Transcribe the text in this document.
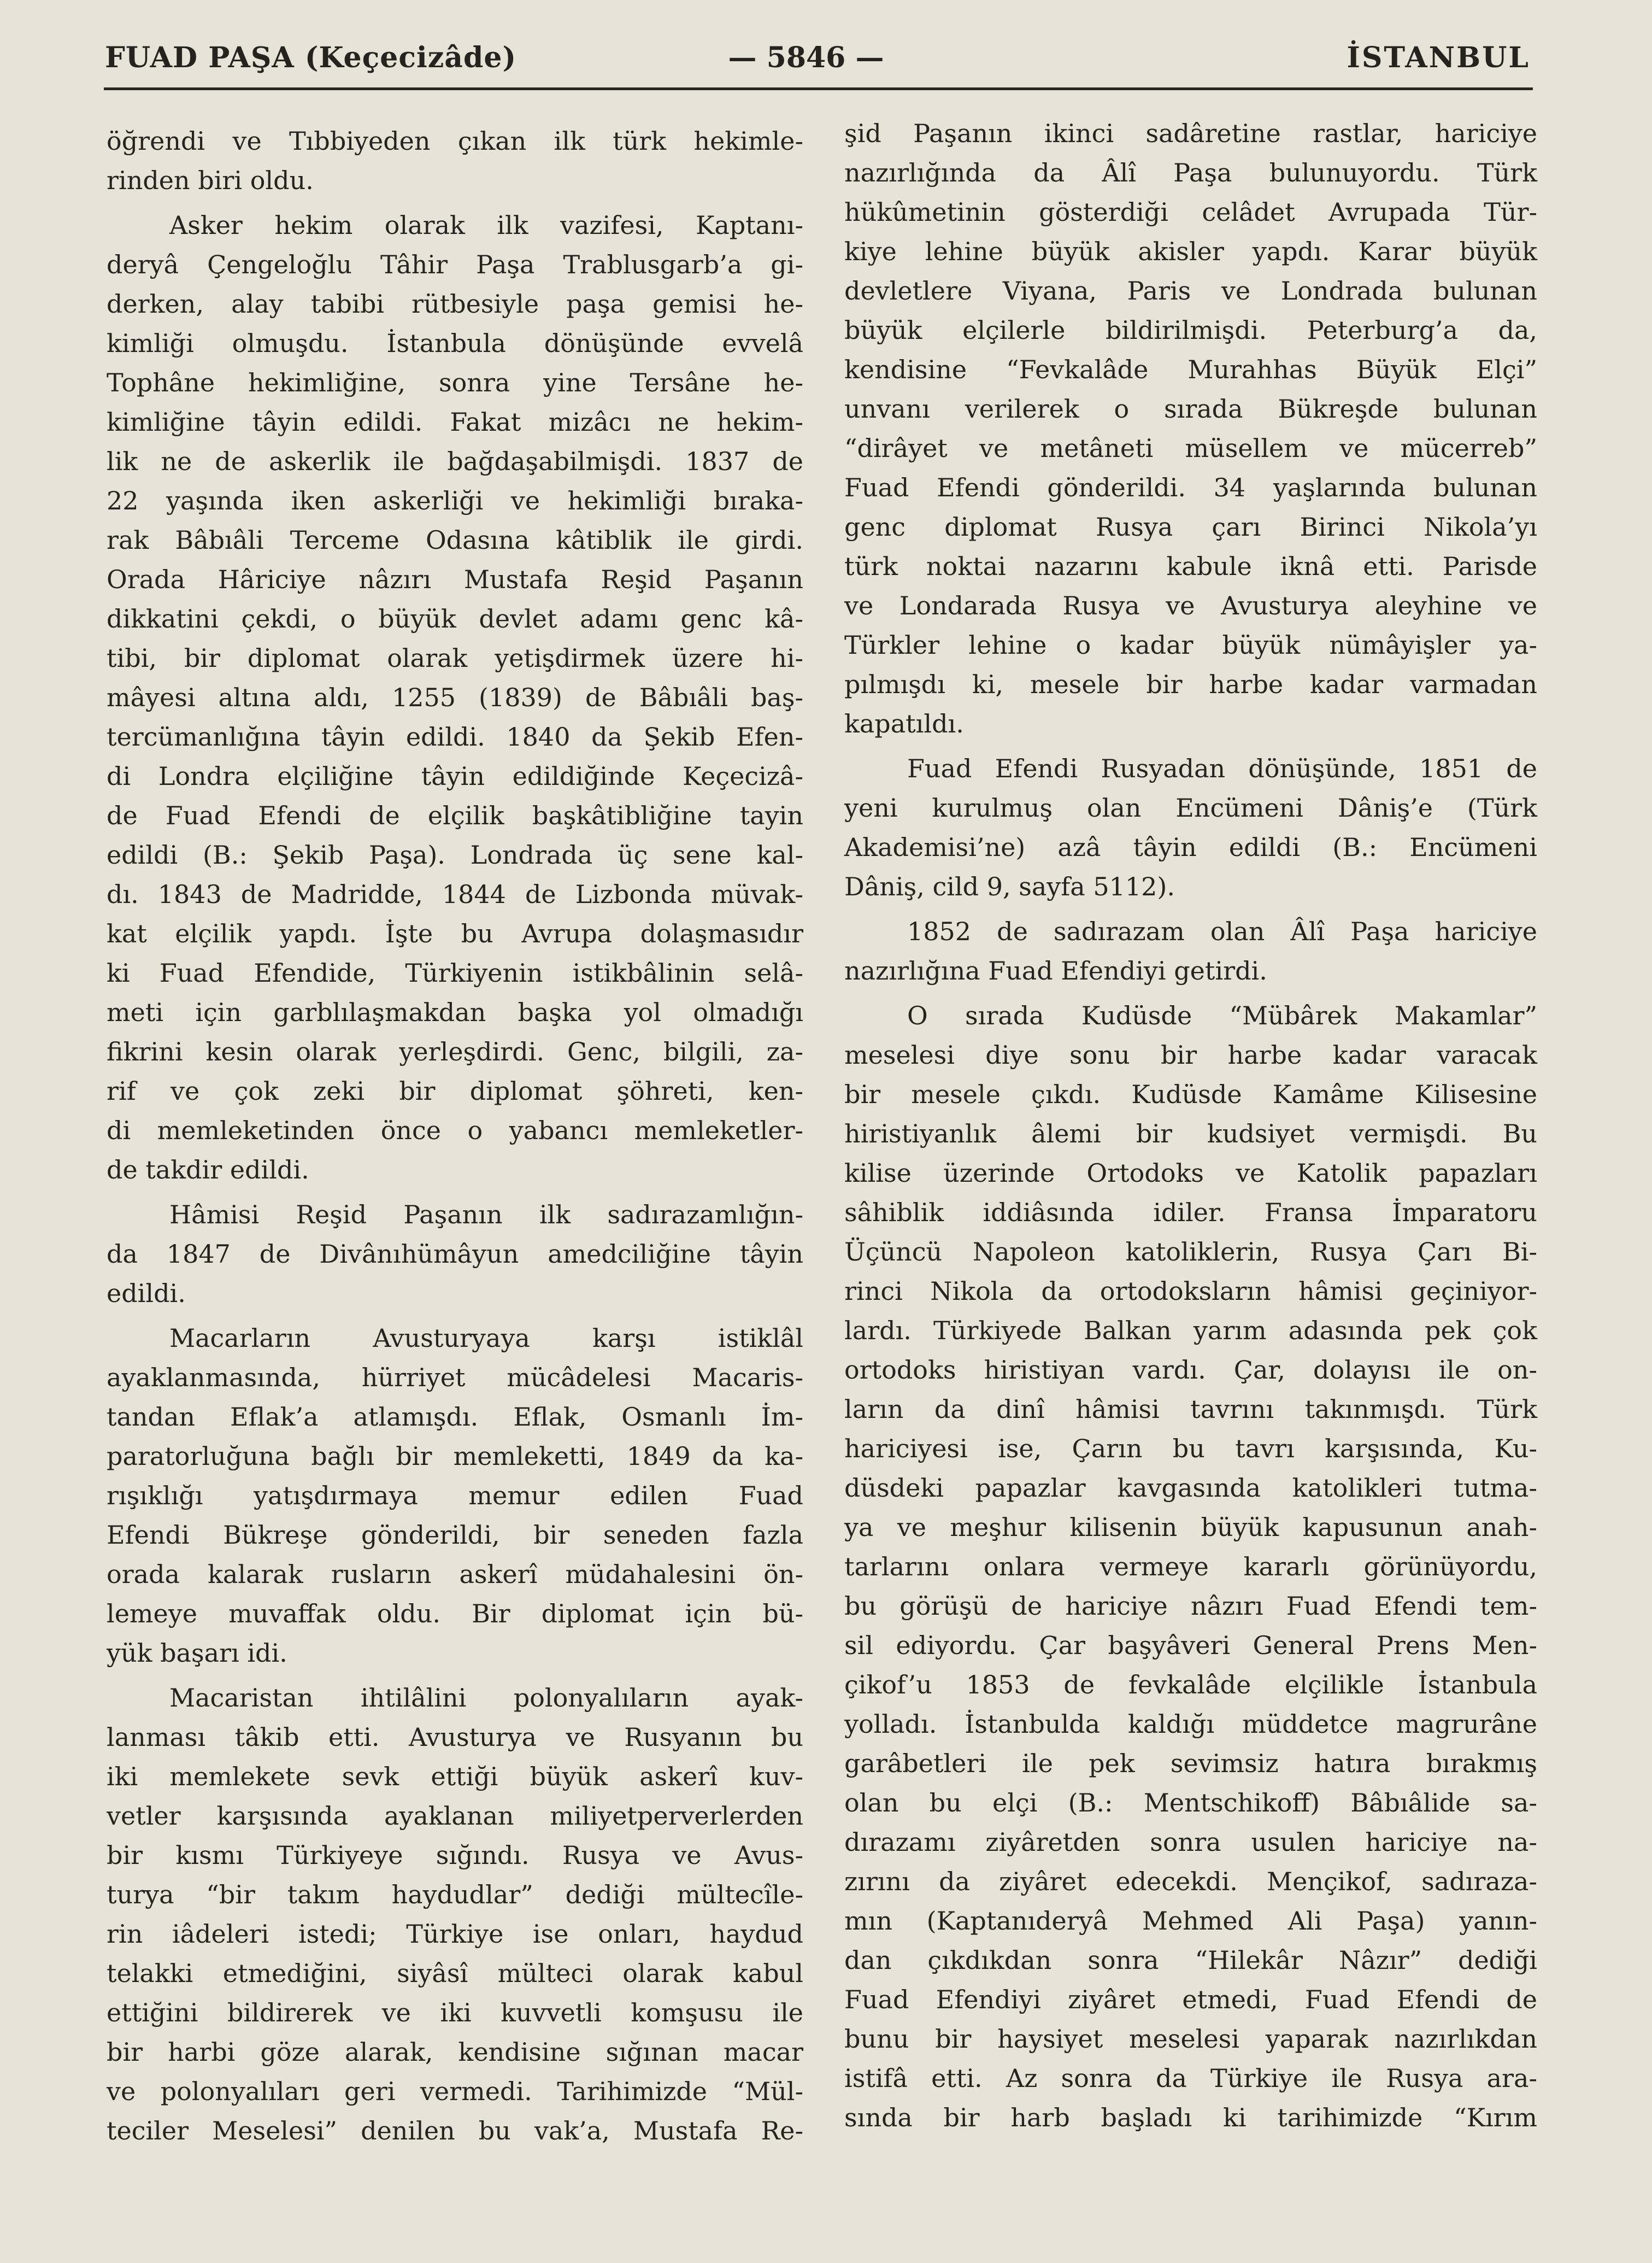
FUAD PAŞA (Keçecizâde)	— 5846 —	İSTANBUL
öğrendi ve Tıbbiyeden çıkan ilk türk hekimle-
rinden biri oldu.
Asker hekim olarak ilk vazifesi, Kaptanı-
deryâ Çengeloğlu Tâhir Paşa Trablusgarb’a gi-
derken, alay tabibi rütbesiyle paşa gemisi he-
kimliği olmuşdu. İstanbula dönüşünde evvelâ
Tophâne hekimliğine, sonra yine Tersâne he-
kimliğine tâyin edildi. Fakat mizâcı ne hekim-
lik ne de askerlik ile bağdaşabilmişdi. 1837 de
22 yaşında iken askerliği ve hekimliği bıraka-
rak Bâbıâli Terceme Odasına kâtiblik ile girdi.
Orada Hâriciye nâzırı Mustafa Reşid Paşanın
dikkatini çekdi, o büyük devlet adamı genc kâ-
tibi, bir diplomat olarak yetişdirmek üzere hi-
mâyesi altına aldı, 1255 (1839) de Bâbıâli baş-
tercümanlığına tâyin edildi. 1840 da Şekib Efen-
di Londra elçiliğine tâyin edildiğinde Keçecizâ-
de Fuad Efendi de elçilik başkâtibliğine tayin
edildi (B.: Şekib Paşa). Londrada üç sene kal-
dı. 1843 de Madridde, 1844 de Lizbonda müvak-
kat elçilik yapdı. İşte bu Avrupa dolaşmasıdır
ki Fuad Efendide, Türkiyenin istikbâlinin selâ-
meti için garblılaşmakdan başka yol olmadığı
fikrini kesin olarak yerleşdirdi. Genc, bilgili, za-
rif ve çok zeki bir diplomat şöhreti, ken-
di memleketinden önce o yabancı memleketler-
de takdir edildi.
Hâmisi Reşid Paşanın ilk sadırazamlığın-
da 1847 de Divânıhümâyun amedciliğine tâyin
edildi.
Macarların Avusturyaya karşı istiklâl
ayaklanmasında, hürriyet mücâdelesi Macaris-
tandan Eflak’a atlamışdı. Eflak, Osmanlı İm-
paratorluğuna bağlı bir memleketti, 1849 da ka-
rışıklığı yatışdırmaya memur edilen Fuad
Efendi Bükreşe gönderildi, bir seneden fazla
orada kalarak rusların askerî müdahalesini ön-
lemeye muvaffak oldu. Bir diplomat için bü-
yük başarı idi.
Macaristan ihtilâlini polonyalıların ayak-
lanması tâkib etti. Avusturya ve Rusyanın bu
iki memlekete sevk ettiği büyük askerî kuv-
vetler karşısında ayaklanan miliyetperverlerden
bir kısmı Türkiyeye sığındı. Rusya ve Avus-
turya “bir takım haydudlar” dediği mültecîle-
rin iâdeleri istedi; Türkiye ise onları, haydud
telakki etmediğini, siyâsî mülteci olarak kabul
ettiğini bildirerek ve iki kuvvetli komşusu ile
bir harbi göze alarak, kendisine sığınan macar
ve polonyalıları geri vermedi. Tarihimizde “Mül-
teciler Meselesi” denilen bu vak’a, Mustafa Re-
şid Paşanın ikinci sadâretine rastlar, hariciye
nazırlığında da Âlî Paşa bulunuyordu. Türk
hükûmetinin gösterdiği celâdet Avrupada Tür-
kiye lehine büyük akisler yapdı. Karar büyük
devletlere Viyana, Paris ve Londrada bulunan
büyük elçilerle bildirilmişdi. Peterburg’a da,
kendisine “Fevkalâde Murahhas Büyük Elçi”
unvanı verilerek o sırada Bükreşde bulunan
“dirâyet ve metâneti müsellem ve mücerreb”
Fuad Efendi gönderildi. 34 yaşlarında bulunan
genc diplomat Rusya çarı Birinci Nikola’yı
türk noktai nazarını kabule iknâ etti. Parisde
ve Londarada Rusya ve Avusturya aleyhine ve
Türkler lehine o kadar büyük nümâyişler ya-
pılmışdı ki, mesele bir harbe kadar varmadan
kapatıldı.
Fuad Efendi Rusyadan dönüşünde, 1851 de
yeni kurulmuş olan Encümeni Dâniş’e (Türk
Akademisi’ne) azâ tâyin edildi (B.: Encümeni
Dâniş, cild 9, sayfa 5112).
1852 de sadırazam olan Âlî Paşa hariciye
nazırlığına Fuad Efendiyi getirdi.
O sırada Kudüsde “Mübârek Makamlar”
meselesi diye sonu bir harbe kadar varacak
bir mesele çıkdı. Kudüsde Kamâme Kilisesine
hiristiyanlık âlemi bir kudsiyet vermişdi. Bu
kilise üzerinde Ortodoks ve Katolik papazları
sâhiblik iddiâsında idiler. Fransa İmparatoru
Üçüncü Napoleon katoliklerin, Rusya Çarı Bi-
rinci Nikola da ortodoksların hâmisi geçiniyor-
lardı. Türkiyede Balkan yarım adasında pek çok
ortodoks hiristiyan vardı. Çar, dolayısı ile on-
ların da dinî hâmisi tavrını takınmışdı. Türk
hariciyesi ise, Çarın bu tavrı karşısında, Ku-
düsdeki papazlar kavgasında katolikleri tutma-
ya ve meşhur kilisenin büyük kapusunun anah-
tarlarını onlara vermeye kararlı görünüyordu,
bu görüşü de hariciye nâzırı Fuad Efendi tem-
sil ediyordu. Çar başyâveri General Prens Men-
çikof’u 1853 de fevkalâde elçilikle İstanbula
yolladı. İstanbulda kaldığı müddetce magrurâne
garâbetleri ile pek sevimsiz hatıra bırakmış
olan bu elçi (B.: Mentschikoff) Bâbıâlide sa-
dırazamı ziyâretden sonra usulen hariciye na-
zırını da ziyâret edecekdi. Mençikof, sadıraza-
mın (Kaptanıderyâ Mehmed Ali Paşa) yanın-
dan çıkdıkdan sonra “Hilekâr Nâzır” dediği
Fuad Efendiyi ziyâret etmedi, Fuad Efendi de
bunu bir haysiyet meselesi yaparak nazırlıkdan
istifâ etti. Az sonra da Türkiye ile Rusya ara-
sında bir harb başladı ki tarihimizde “Kırım
